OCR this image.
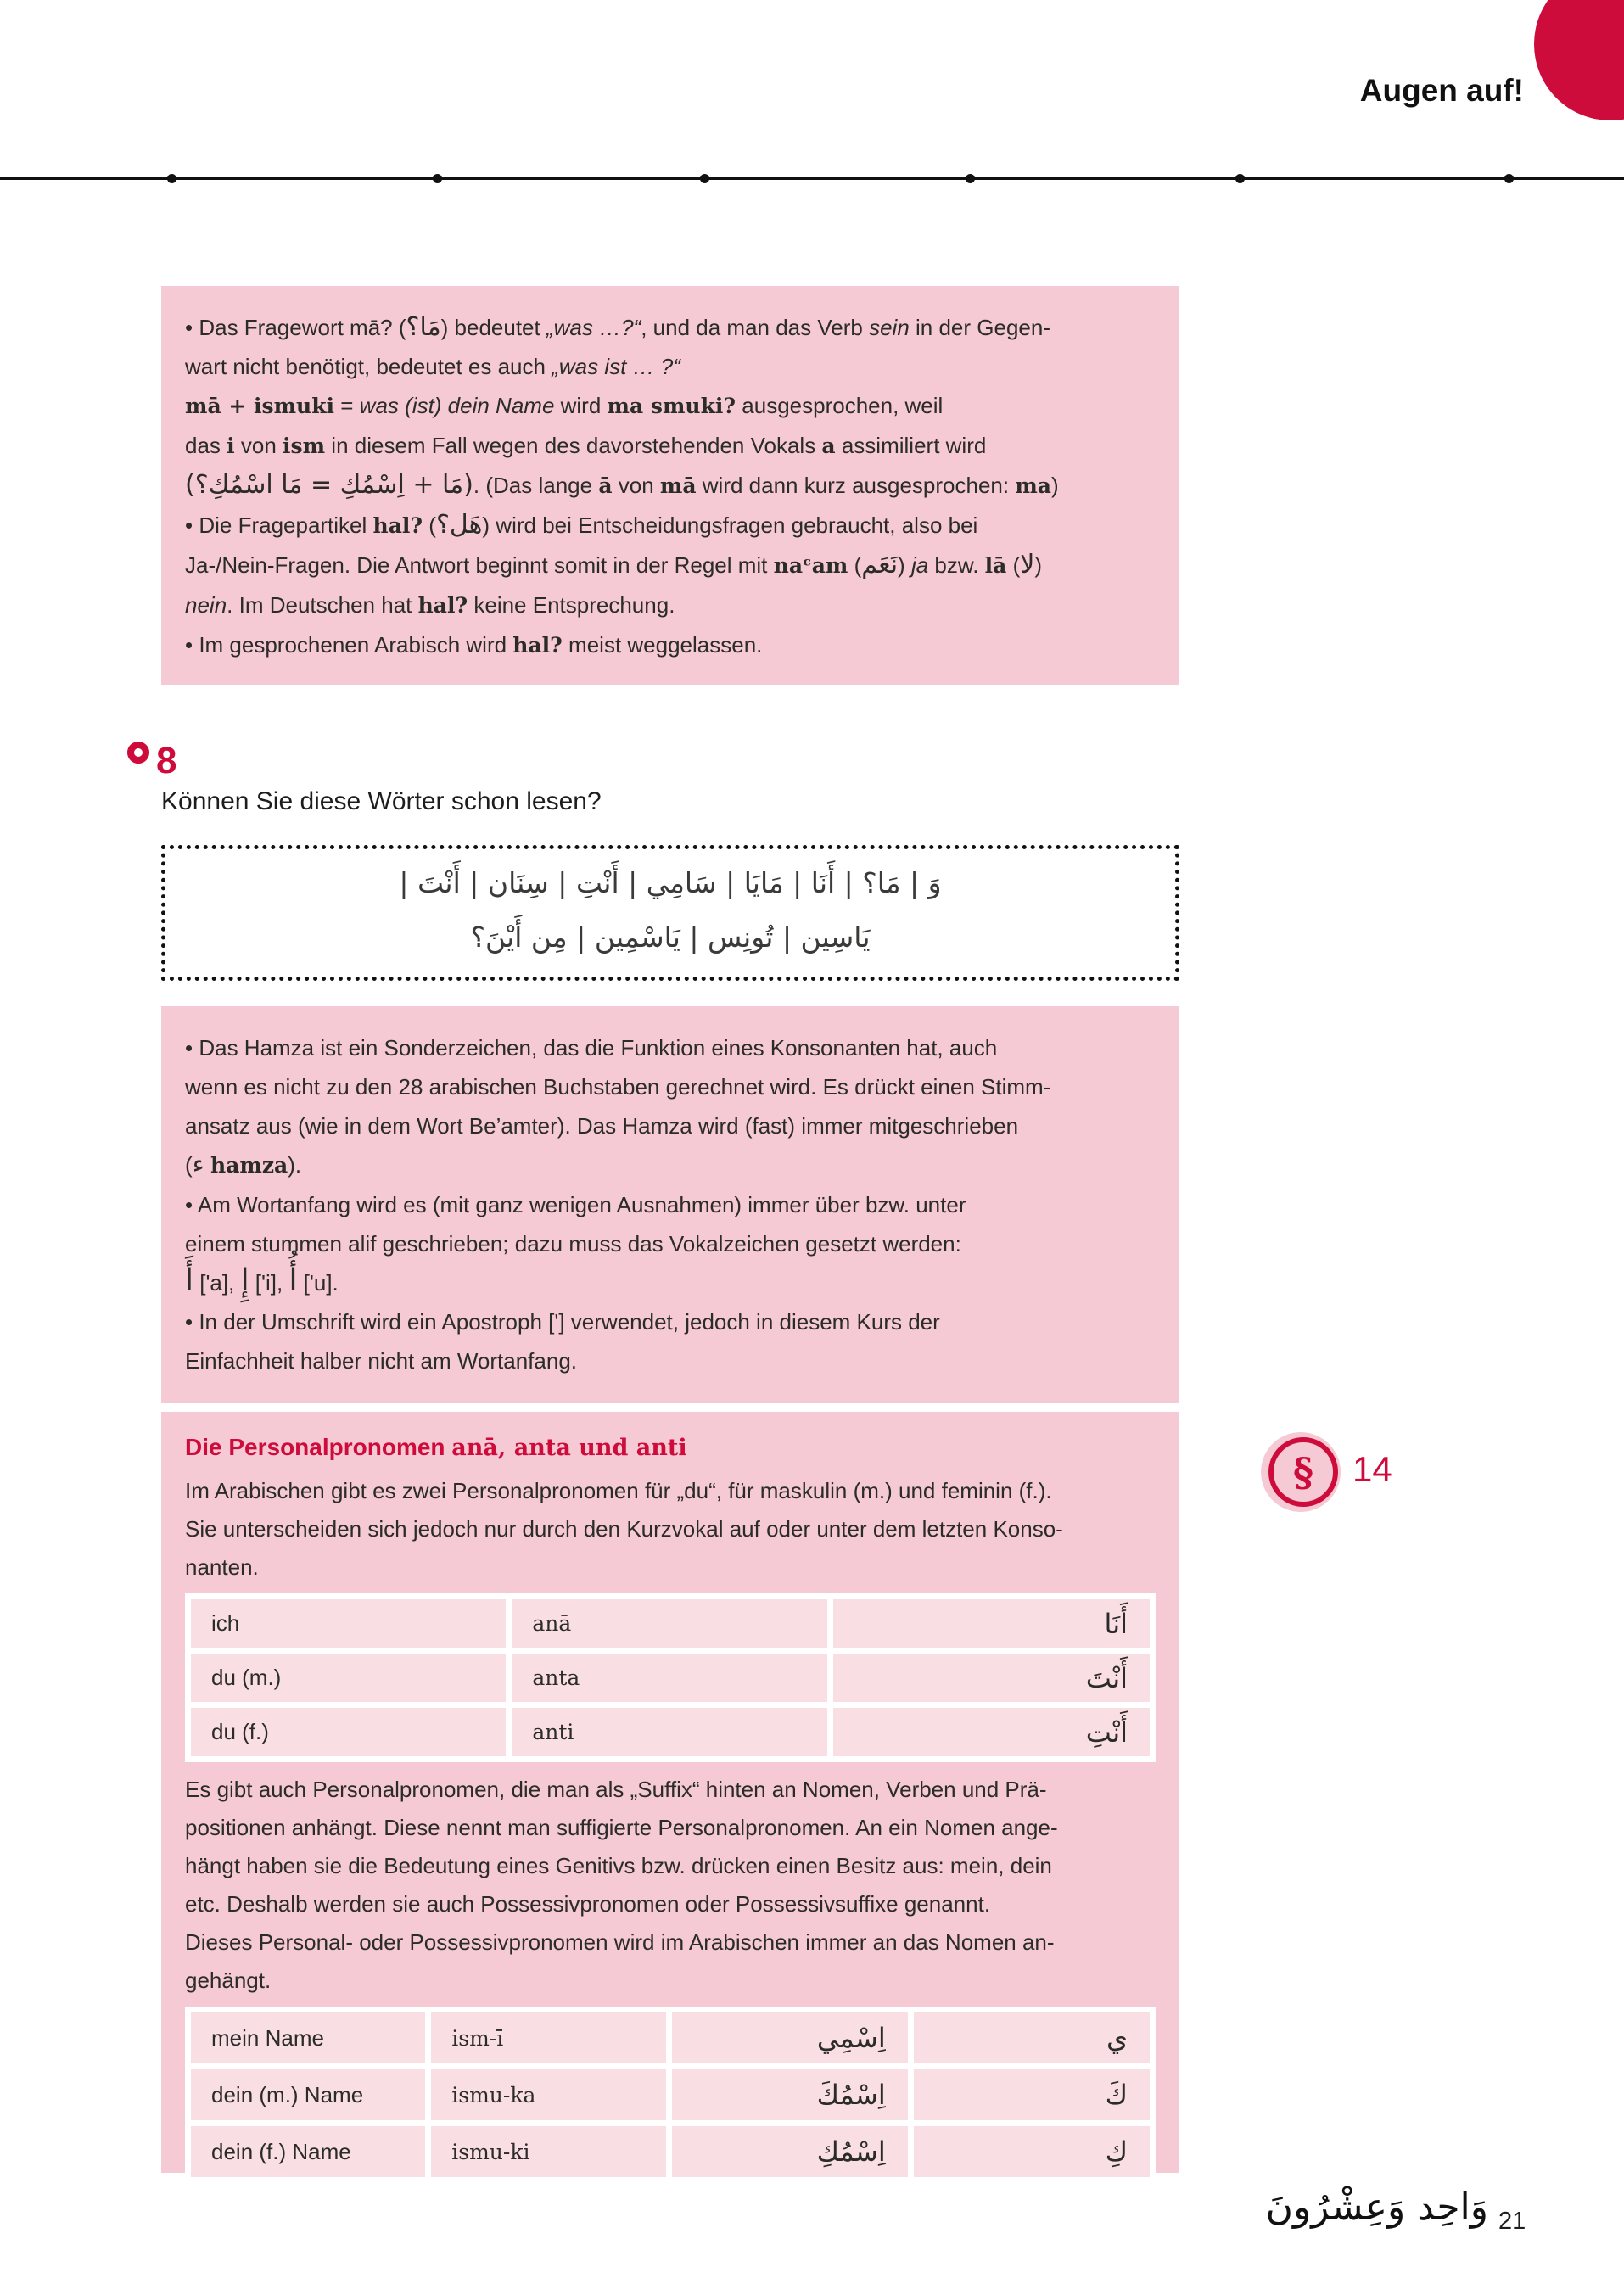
Augen auf!
• Das Fragewort mā? (مَا؟) bedeutet „was …?“, und da man das Verb sein in der Gegen-
wart nicht benötigt, bedeutet es auch „was ist … ?“
mā + ismuki = was (ist) dein Name wird ma smuki? ausgesprochen, weil
das i von ism in diesem Fall wegen des davorstehenden Vokals a assimiliert wird
(مَا + اِسْمُكِ = مَا اسْمُكِ؟). (Das lange ā von mā wird dann kurz ausgesprochen: ma)
• Die Fragepartikel hal? (هَل؟) wird bei Entscheidungsfragen gebraucht, also bei
Ja-/Nein-Fragen. Die Antwort beginnt somit in der Regel mit naᶜam (نَعَم) ja bzw. lā (لا)
nein. Im Deutschen hat hal? keine Entsprechung.
• Im gesprochenen Arabisch wird hal? meist weggelassen.
8
Können Sie diese Wörter schon lesen?
وَ | مَا؟ | أَنَا | مَايَا | سَامِي | أَنْتِ | سِنَان | أَنْتَ |
يَاسِين | تُونِس | يَاسْمِين | مِن أَيْنَ؟
• Das Hamza ist ein Sonderzeichen, das die Funktion eines Konsonanten hat, auch
wenn es nicht zu den 28 arabischen Buchstaben gerechnet wird. Es drückt einen Stimm-
ansatz aus (wie in dem Wort Be’amter). Das Hamza wird (fast) immer mitgeschrieben
(ء hamza).
• Am Wortanfang wird es (mit ganz wenigen Ausnahmen) immer über bzw. unter
einem stummen alif geschrieben; dazu muss das Vokalzeichen gesetzt werden:
أَ ['a], إِ ['i], أُ ['u].
• In der Umschrift wird ein Apostroph ['] verwendet, jedoch in diesem Kurs der
Einfachheit halber nicht am Wortanfang.
Die Personalpronomen anā, anta und anti
Im Arabischen gibt es zwei Personalpronomen für „du“, für maskulin (m.) und feminin (f.).
Sie unterscheiden sich jedoch nur durch den Kurzvokal auf oder unter dem letzten Konso-
nanten.
ich	anā	أَنَا
du (m.)	anta	أَنْتَ
du (f.)	anti	أَنْتِ
Es gibt auch Personalpronomen, die man als „Suffix“ hinten an Nomen, Verben und Prä-
positionen anhängt. Diese nennt man suffigierte Personalpronomen. An ein Nomen ange-
hängt haben sie die Bedeutung eines Genitivs bzw. drücken einen Besitz aus: mein, dein
etc. Deshalb werden sie auch Possessivpronomen oder Possessivsuffixe genannt.
Dieses Personal- oder Possessivpronomen wird im Arabischen immer an das Nomen an-
gehängt.
mein Name	ism-ī	اِسْمِي	ي
dein (m.) Name	ismu-ka	اِسْمُكَ	كَ
dein (f.) Name	ismu-ki	اِسْمُكِ	كِ
§ 14
وَاحِد وَعِشْرُونَ 21
